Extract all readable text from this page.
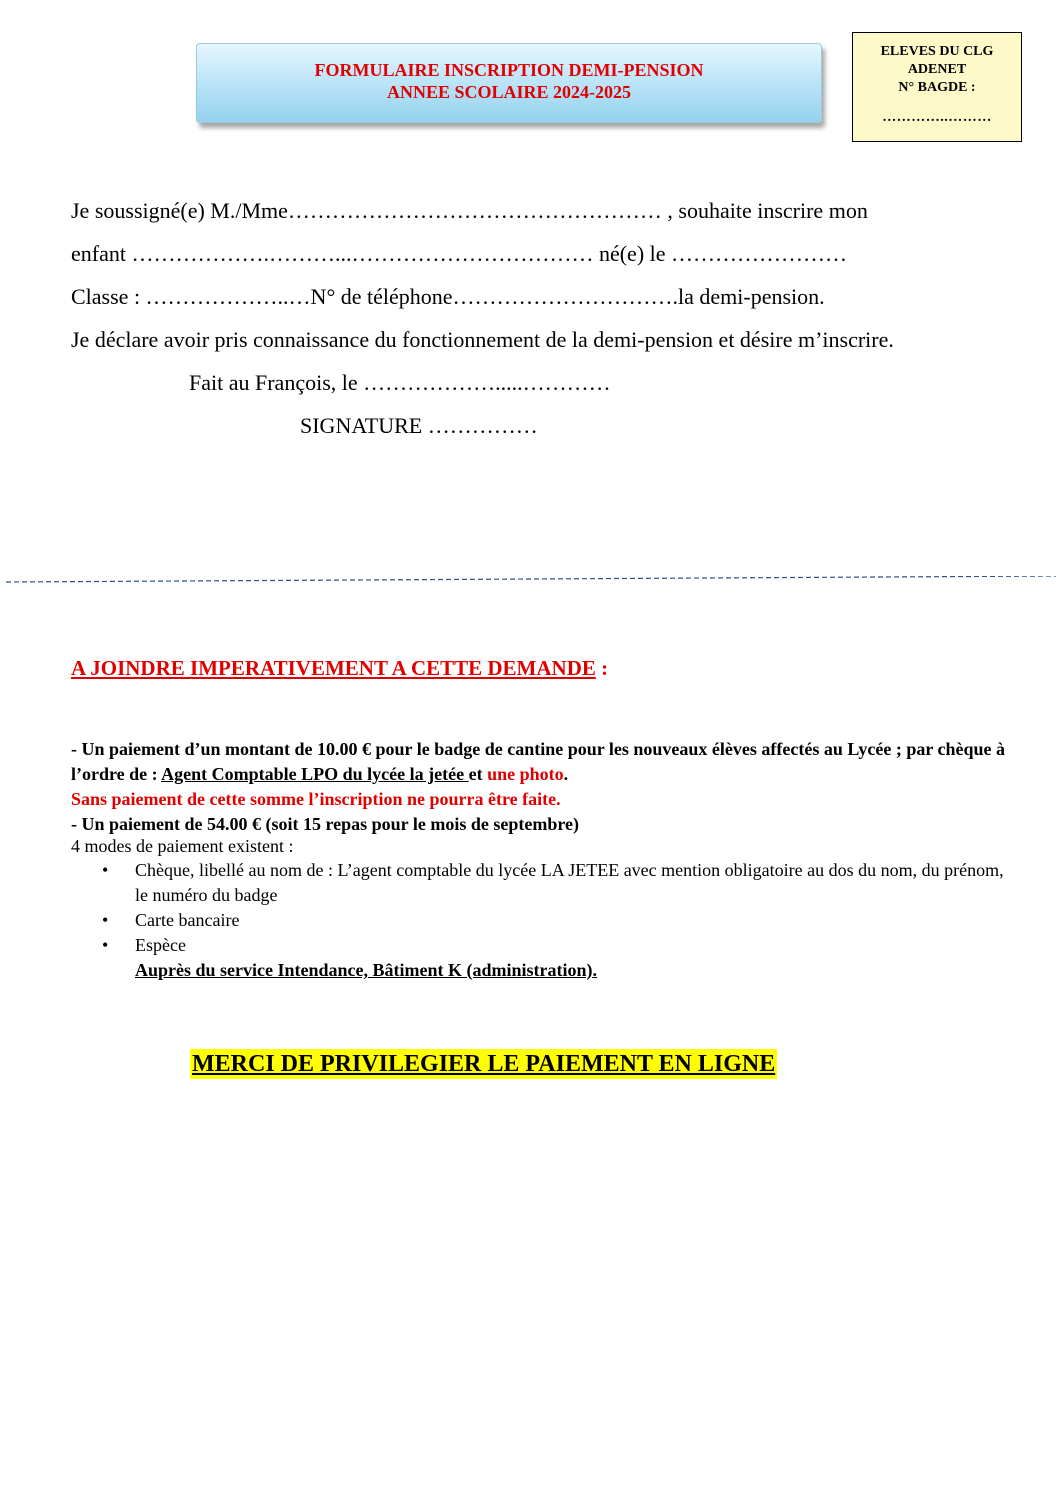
FORMULAIRE INSCRIPTION DEMI-PENSION
ANNEE SCOLAIRE 2024-2025
ELEVES DU CLG
ADENET
N° BAGDE :
…………..………
Je soussigné(e) M./Mme…………………………………………… , souhaite inscrire mon
enfant ……………….………...…………………………… né(e) le ……………………
Classe : ………………..…N° de téléphone………………………….la demi-pension.
Je déclare avoir pris connaissance du fonctionnement de la demi-pension et désire m’inscrire.
Fait au François, le ……………….....…………
SIGNATURE ……………
A JOINDRE IMPERATIVEMENT A CETTE DEMANDE :
- Un paiement d’un montant de 10.00 € pour le badge de cantine pour les nouveaux élèves affectés au Lycée ; par chèque à l’ordre de : Agent Comptable LPO du lycée la jetée et une photo.
Sans paiement de cette somme l’inscription ne pourra être faite.
- Un paiement de 54.00 € (soit 15 repas pour le mois de septembre)
4 modes de paiement existent :
• Chèque, libellé au nom de : L’agent comptable du lycée LA JETEE avec mention obligatoire au dos du nom, du prénom, le numéro du badge
• Carte bancaire
• Espèce
Auprès du service Intendance, Bâtiment K (administration).
MERCI DE PRIVILEGIER LE PAIEMENT EN LIGNE
